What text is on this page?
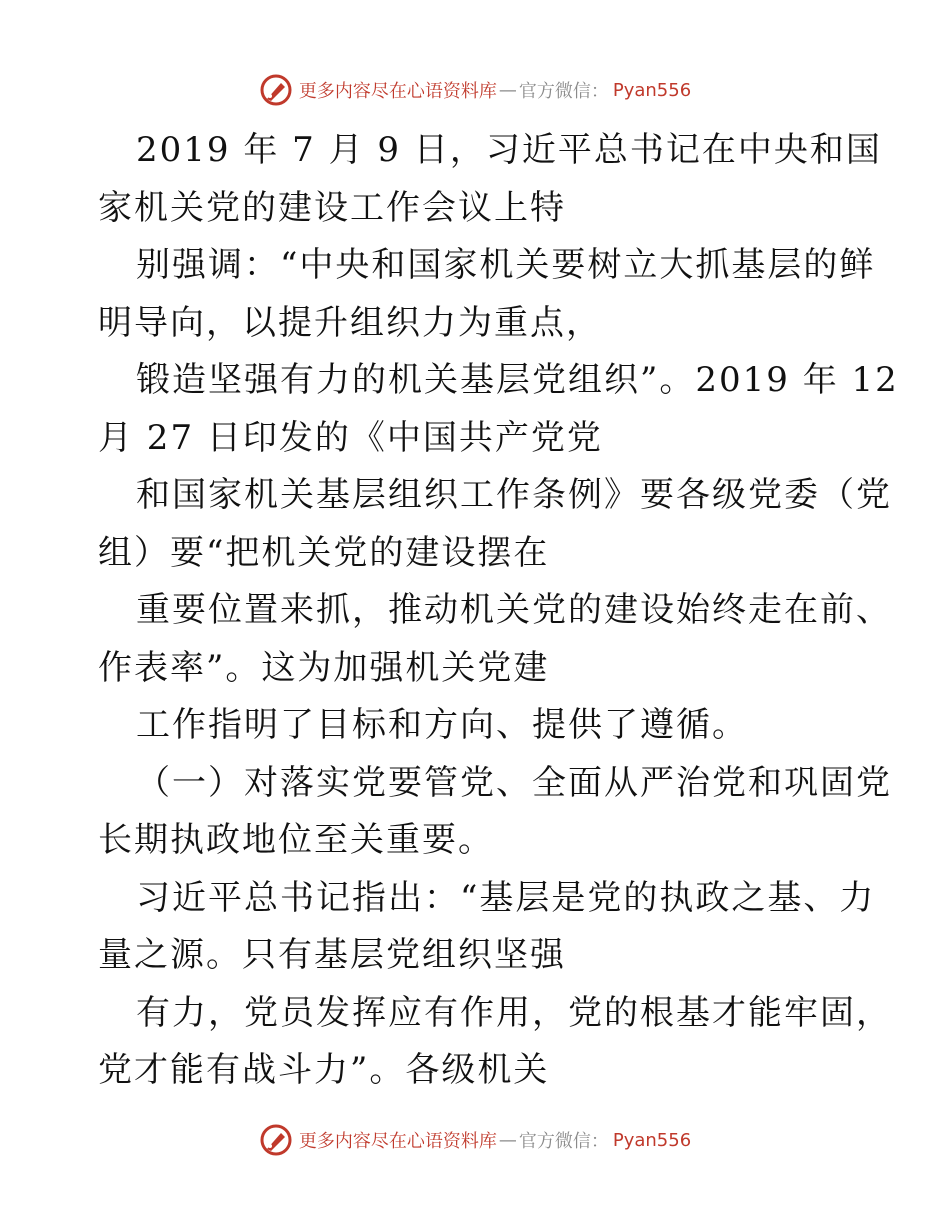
更多内容尽在心语资料库 — 官方微信： Pyan556
2019 年 7 月 9 日，习近平总书记在中央和国
家机关党的建设工作会议上特
别强调：“中央和国家机关要树立大抓基层的鲜
明导向，以提升组织力为重点，
锻造坚强有力的机关基层党组织”。2019 年 12
月 27 日印发的《中国共产党党
和国家机关基层组织工作条例》要各级党委（党
组）要“把机关党的建设摆在
重要位置来抓，推动机关党的建设始终走在前、
作表率”。这为加强机关党建
工作指明了目标和方向、提供了遵循。
（一）对落实党要管党、全面从严治党和巩固党
长期执政地位至关重要。
习近平总书记指出：“基层是党的执政之基、力
量之源。只有基层党组织坚强
有力，党员发挥应有作用，党的根基才能牢固，
党才能有战斗力”。各级机关
更多内容尽在心语资料库 — 官方微信： Pyan556
